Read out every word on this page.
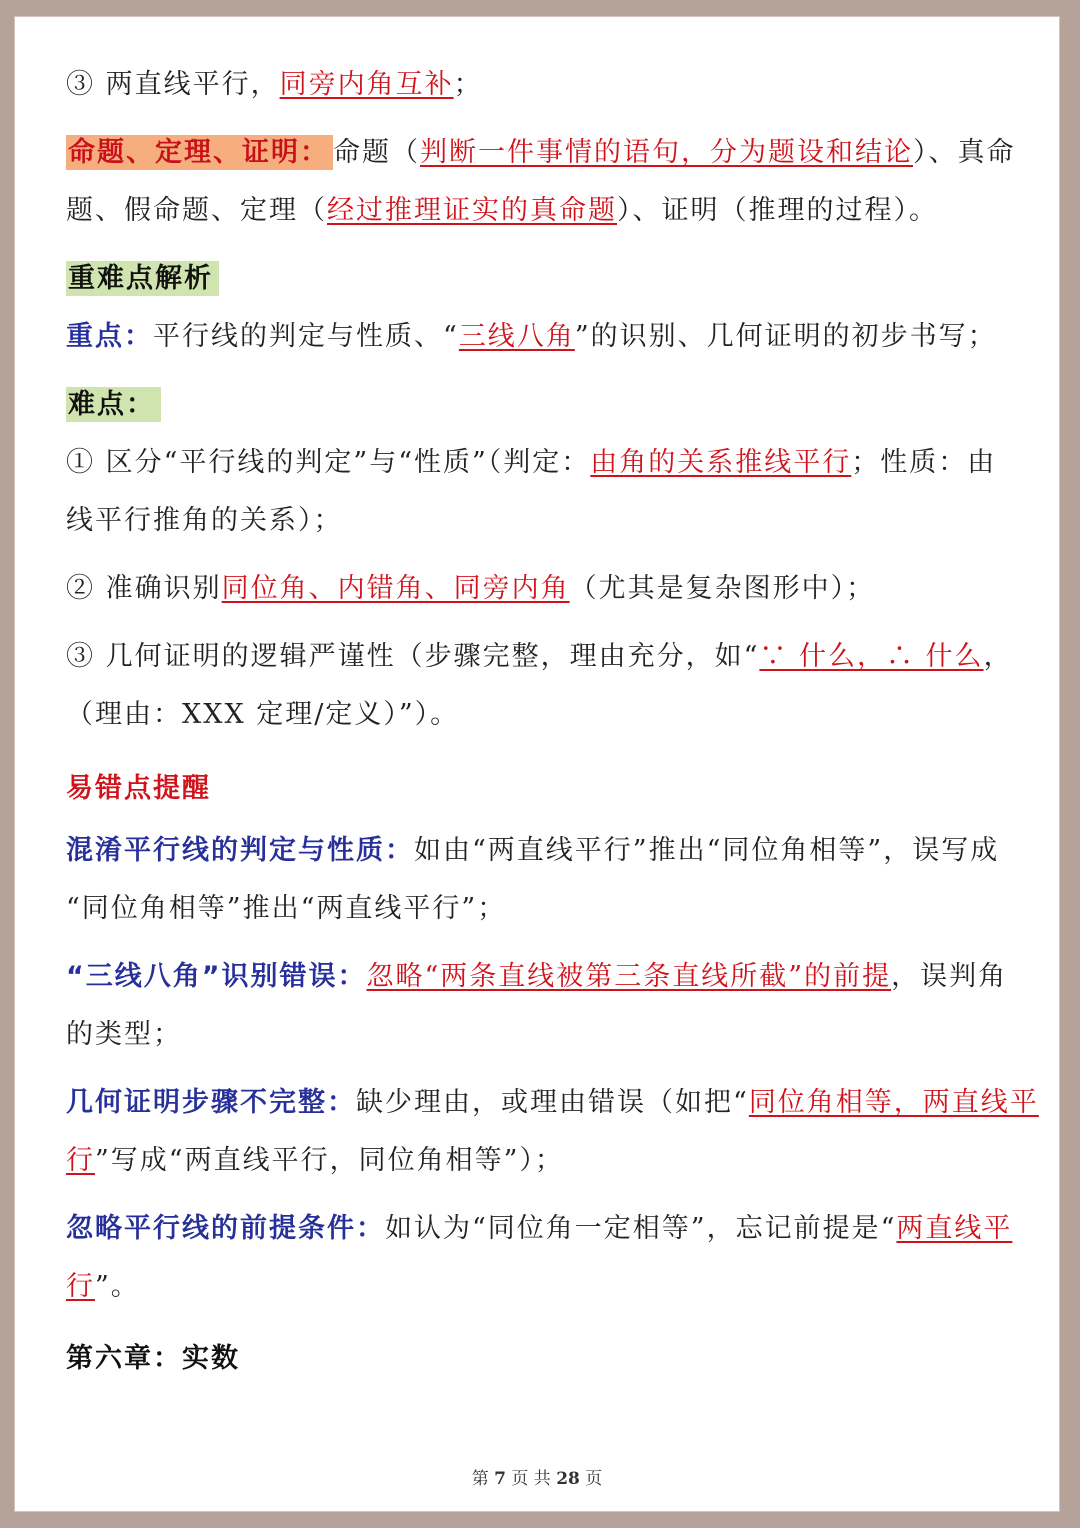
③ 两直线平行，同旁内角互补；
命题、定理、证明： 命题（判断一件事情的语句，分为题设和结论）、真命
题、假命题、定理（经过推理证实的真命题）、证明（推理的过程）。
重难点解析
重点：平行线的判定与性质、“三线八角”的识别、几何证明的初步书写；
难点：
① 区分“平行线的判定”与“性质”（判定：由角的关系推线平行；性质：由
线平行推角的关系）；
② 准确识别同位角、内错角、同旁内角（尤其是复杂图形中）；
③ 几何证明的逻辑严谨性（步骤完整，理由充分，如“∵ 什么，∴ 什么，
（理由：XXX 定理/定义）”）。
易错点提醒
混淆平行线的判定与性质：如由“两直线平行”推出“同位角相等”，误写成
“同位角相等”推出“两直线平行”；
“三线八角”识别错误：忽略“两条直线被第三条直线所截”的前提，误判角
的类型；
几何证明步骤不完整：缺少理由，或理由错误（如把“同位角相等，两直线平
行”写成“两直线平行，同位角相等”）；
忽略平行线的前提条件：如认为“同位角一定相等”，忘记前提是“两直线平
行”。
第六章：实数
第 7 页 共 28 页
